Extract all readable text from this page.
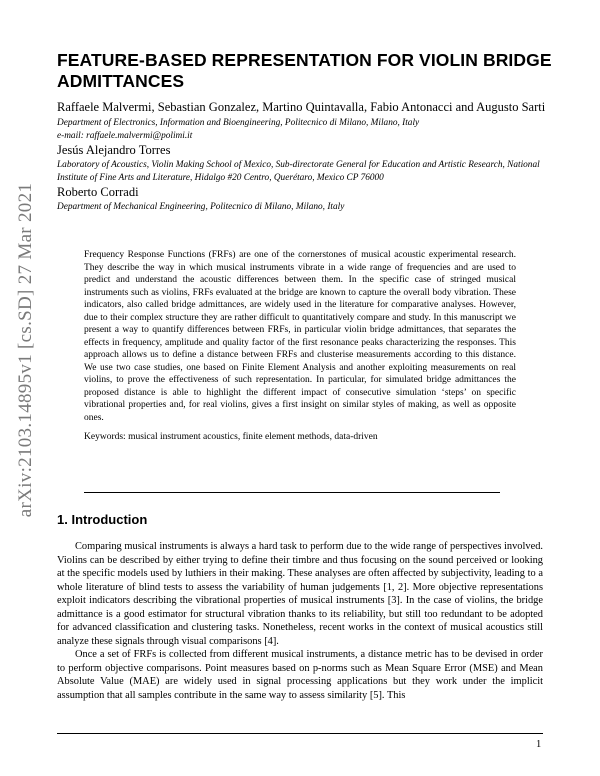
arXiv:2103.14895v1 [cs.SD] 27 Mar 2021
FEATURE-BASED REPRESENTATION FOR VIOLIN BRIDGE ADMITTANCES
Raffaele Malvermi, Sebastian Gonzalez, Martino Quintavalla, Fabio Antonacci and Augusto Sarti
Department of Electronics, Information and Bioengineering, Politecnico di Milano, Milano, Italy
e-mail: raffaele.malvermi@polimi.it
Jesús Alejandro Torres
Laboratory of Acoustics, Violin Making School of Mexico, Sub-directorate General for Education and Artistic Research, National Institute of Fine Arts and Literature, Hidalgo #20 Centro, Querétaro, Mexico CP 76000
Roberto Corradi
Department of Mechanical Engineering, Politecnico di Milano, Milano, Italy

Frequency Response Functions (FRFs) are one of the cornerstones of musical acoustic experimental research. They describe the way in which musical instruments vibrate in a wide range of frequencies and are used to predict and understand the acoustic differences between them. In the specific case of stringed musical instruments such as violins, FRFs evaluated at the bridge are known to capture the overall body vibration. These indicators, also called bridge admittances, are widely used in the literature for comparative analyses. However, due to their complex structure they are rather difficult to quantitatively compare and study. In this manuscript we present a way to quantify differences between FRFs, in particular violin bridge admittances, that separates the effects in frequency, amplitude and quality factor of the first resonance peaks characterizing the responses. This approach allows us to define a distance between FRFs and clusterise measurements according to this distance. We use two case studies, one based on Finite Element Analysis and another exploiting measurements on real violins, to prove the effectiveness of such representation. In particular, for simulated bridge admittances the proposed distance is able to highlight the different impact of consecutive simulation ‘steps’ on specific vibrational properties and, for real violins, gives a first insight on similar styles of making, as well as opposite ones.

Keywords: musical instrument acoustics, finite element methods, data-driven

1. Introduction

Comparing musical instruments is always a hard task to perform due to the wide range of perspectives involved. Violins can be described by either trying to define their timbre and thus focusing on the sound perceived or looking at the specific models used by luthiers in their making. These analyses are often affected by subjectivity, leading to a whole literature of blind tests to assess the variability of human judgements [1, 2]. More objective representations exploit indicators describing the vibrational properties of musical instruments [3]. In the case of violins, the bridge admittance is a good estimator for structural vibration thanks to its reliability, but still too redundant to be adopted for advanced classification and clustering tasks. Nonetheless, recent works in the context of musical acoustics still analyze these signals through visual comparisons [4].

Once a set of FRFs is collected from different musical instruments, a distance metric has to be devised in order to perform objective comparisons. Point measures based on p-norms such as Mean Square Error (MSE) and Mean Absolute Value (MAE) are widely used in signal processing applications but they work under the implicit assumption that all samples contribute in the same way to assess similarity [5]. This

1
